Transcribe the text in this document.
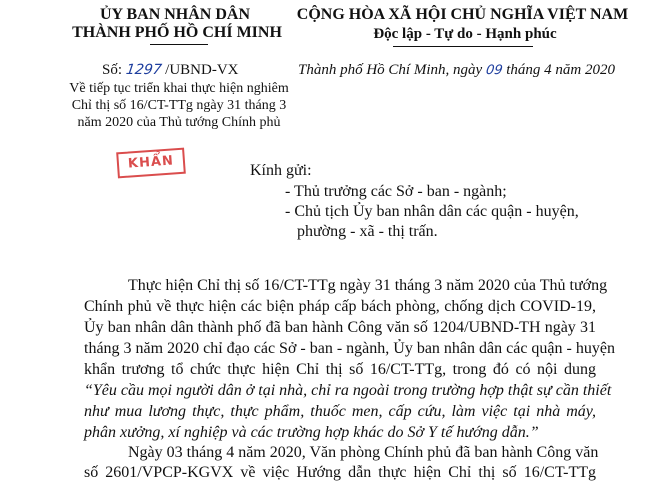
ỦY BAN NHÂN DÂN
THÀNH PHỐ HỒ CHÍ MINH
CỘNG HÒA XÃ HỘI CHỦ NGHĨA VIỆT NAM
Độc lập - Tự do - Hạnh phúc
Số: 1297 /UBND-VX	Thành phố Hồ Chí Minh, ngày 09 tháng 4 năm 2020
Về tiếp tục triển khai thực hiện nghiêm
Chỉ thị số 16/CT-TTg ngày 31 tháng 3
năm 2020 của Thủ tướng Chính phủ
KHẨN	Kính gửi:
- Thủ trưởng các Sở - ban - ngành;
- Chủ tịch Ủy ban nhân dân các quận - huyện,
phường - xã - thị trấn.
Thực hiện Chỉ thị số 16/CT-TTg ngày 31 tháng 3 năm 2020 của Thủ tướng
Chính phủ về thực hiện các biện pháp cấp bách phòng, chống dịch COVID-19,
Ủy ban nhân dân thành phố đã ban hành Công văn số 1204/UBND-TH ngày 31
tháng 3 năm 2020 chỉ đạo các Sở - ban - ngành, Ủy ban nhân dân các quận - huyện
khẩn trương tổ chức thực hiện Chỉ thị số 16/CT-TTg, trong đó có nội dung
“Yêu cầu mọi người dân ở tại nhà, chỉ ra ngoài trong trường hợp thật sự cần thiết
như mua lương thực, thực phẩm, thuốc men, cấp cứu, làm việc tại nhà máy,
phân xưởng, xí nghiệp và các trường hợp khác do Sở Y tế hướng dẫn.”
Ngày 03 tháng 4 năm 2020, Văn phòng Chính phủ đã ban hành Công văn
số 2601/VPCP-KGVX về việc Hướng dẫn thực hiện Chỉ thị số 16/CT-TTg
